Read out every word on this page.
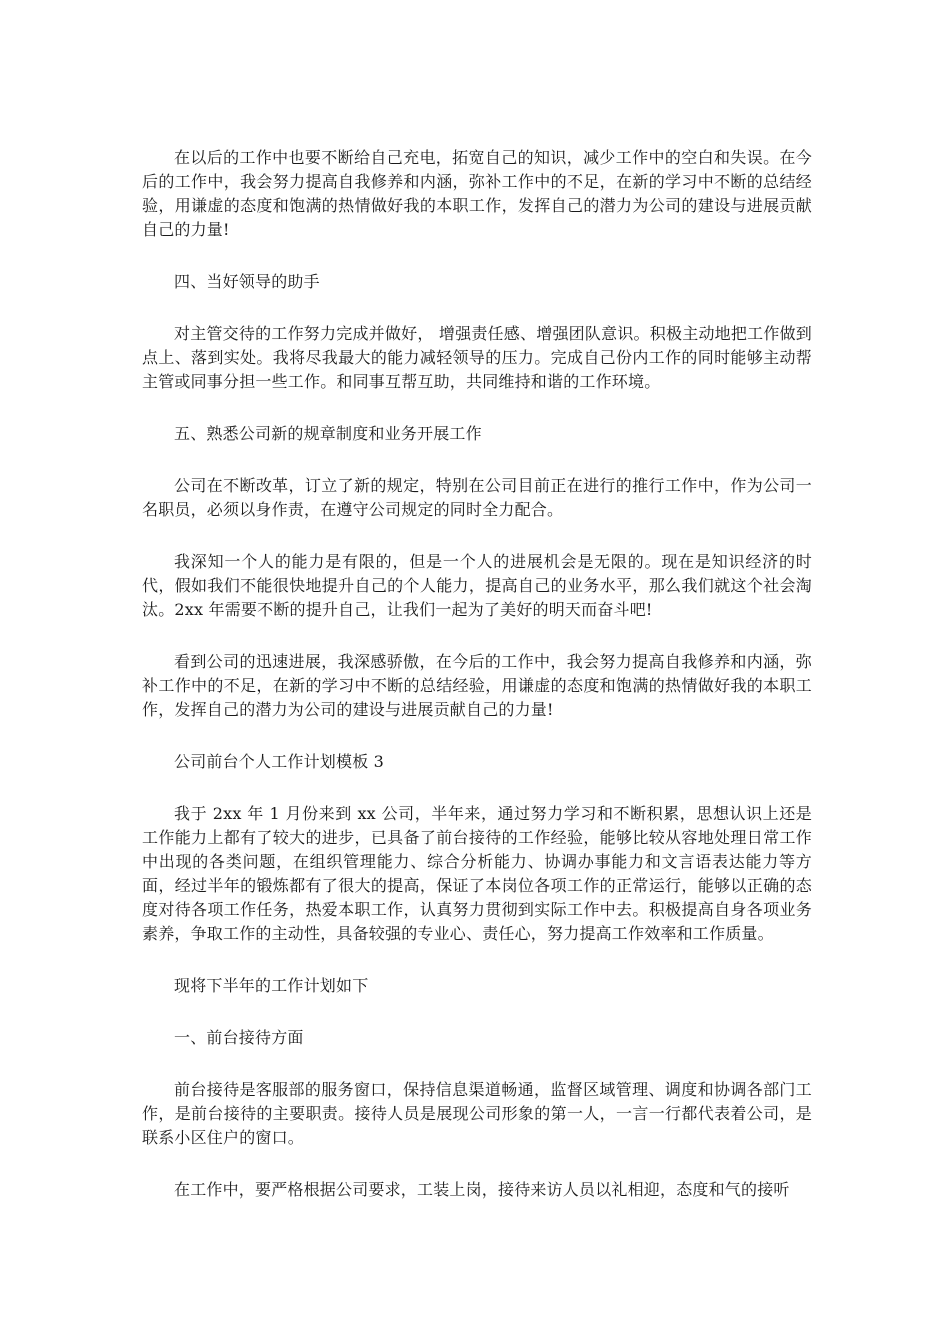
在以后的工作中也要不断给自己充电，拓宽自己的知识，减少工作中的空白和失误。在今后的工作中，我会努力提高自我修养和内涵，弥补工作中的不足，在新的学习中不断的总结经验，用谦虚的态度和饱满的热情做好我的本职工作，发挥自己的潜力为公司的建设与进展贡献自己的力量!

四、当好领导的助手

对主管交待的工作努力完成并做好， 增强责任感、增强团队意识。积极主动地把工作做到点上、落到实处。我将尽我最大的能力减轻领导的压力。完成自己份内工作的同时能够主动帮主管或同事分担一些工作。和同事互帮互助，共同维持和谐的工作环境。

五、熟悉公司新的规章制度和业务开展工作

公司在不断改革，订立了新的规定，特别在公司目前正在进行的推行工作中，作为公司一名职员，必须以身作责，在遵守公司规定的同时全力配合。

我深知一个人的能力是有限的，但是一个人的进展机会是无限的。现在是知识经济的时代，假如我们不能很快地提升自己的个人能力，提高自己的业务水平，那么我们就这个社会淘汰。2xx 年需要不断的提升自己，让我们一起为了美好的明天而奋斗吧!

看到公司的迅速进展，我深感骄傲，在今后的工作中，我会努力提高自我修养和内涵，弥补工作中的不足，在新的学习中不断的总结经验，用谦虚的态度和饱满的热情做好我的本职工作，发挥自己的潜力为公司的建设与进展贡献自己的力量!

公司前台个人工作计划模板 3

我于 2xx 年 1 月份来到 xx 公司，半年来，通过努力学习和不断积累，思想认识上还是工作能力上都有了较大的进步，已具备了前台接待的工作经验，能够比较从容地处理日常工作中出现的各类问题，在组织管理能力、综合分析能力、协调办事能力和文言语表达能力等方面，经过半年的锻炼都有了很大的提高，保证了本岗位各项工作的正常运行，能够以正确的态度对待各项工作任务，热爱本职工作，认真努力贯彻到实际工作中去。积极提高自身各项业务素养，争取工作的主动性，具备较强的专业心、责任心，努力提高工作效率和工作质量。

现将下半年的工作计划如下

一、前台接待方面

前台接待是客服部的服务窗口，保持信息渠道畅通，监督区域管理、调度和协调各部门工作，是前台接待的主要职责。接待人员是展现公司形象的第一人，一言一行都代表着公司，是联系小区住户的窗口。

在工作中，要严格根据公司要求，工装上岗，接待来访人员以礼相迎，态度和气的接听
